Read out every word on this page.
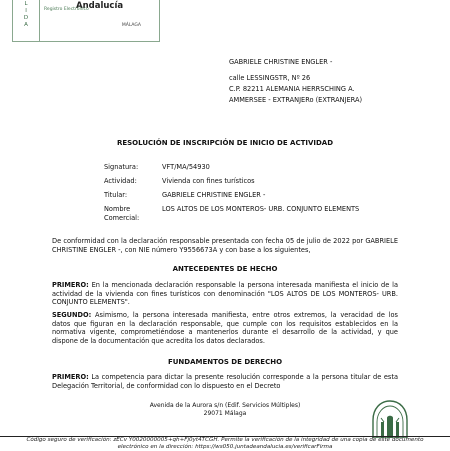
L
I
D
A
Andalucía
Registro Electrónico
MÁLAGA
GABRIELE CHRISTINE ENGLER -
calle LESSINGSTR, Nº 26
C.P. 82211 ALEMANIA HERRSCHING A.
AMMERSEE - EXTRANJERo (EXTRANJERA)
RESOLUCIÓN DE INSCRIPCIÓN DE INICIO DE ACTIVIDAD
Signatura:	VFT/MA/54930
Actividad:	Vivienda con fines turísticos
Titular:	GABRIELE CHRISTINE ENGLER -
Nombre
Comercial:
LOS ALTOS DE LOS MONTEROS- URB. CONJUNTO ELEMENTS
De conformidad con la declaración responsable presentada con fecha 05 de julio de 2022 por GABRIELE CHRISTINE ENGLER -, con NIE número Y9556673A y con base a los siguientes,
ANTECEDENTES DE HECHO
PRIMERO: En la mencionada declaración responsable la persona interesada manifiesta el inicio de la actividad de la vivienda con fines turísticos con denominación "LOS ALTOS DE LOS MONTEROS- URB. CONJUNTO ELEMENTS".
SEGUNDO: Asimismo, la persona interesada manifiesta, entre otros extremos, la veracidad de los datos que figuran en la declaración responsable, que cumple con los requisitos establecidos en la normativa vigente, comprometiéndose a mantenerlos durante el desarrollo de la actividad, y que dispone de la documentación que acredita los datos declarados.
FUNDAMENTOS DE DERECHO
PRIMERO: La competencia para dictar la presente resolución corresponde a la persona titular de esta Delegación Territorial, de conformidad con lo dispuesto en el Decreto
Avenida de la Aurora s/n (Edif. Servicios Múltiples)
29071 Málaga
Código seguro de verificación: zECv Y0020000005+qh+Fj0yt4TCGH. Permite la verificación de la integridad de una copia de este documento
electrónico en la dirección: https://ws050.juntadeandalucia.es/verificarFirma
